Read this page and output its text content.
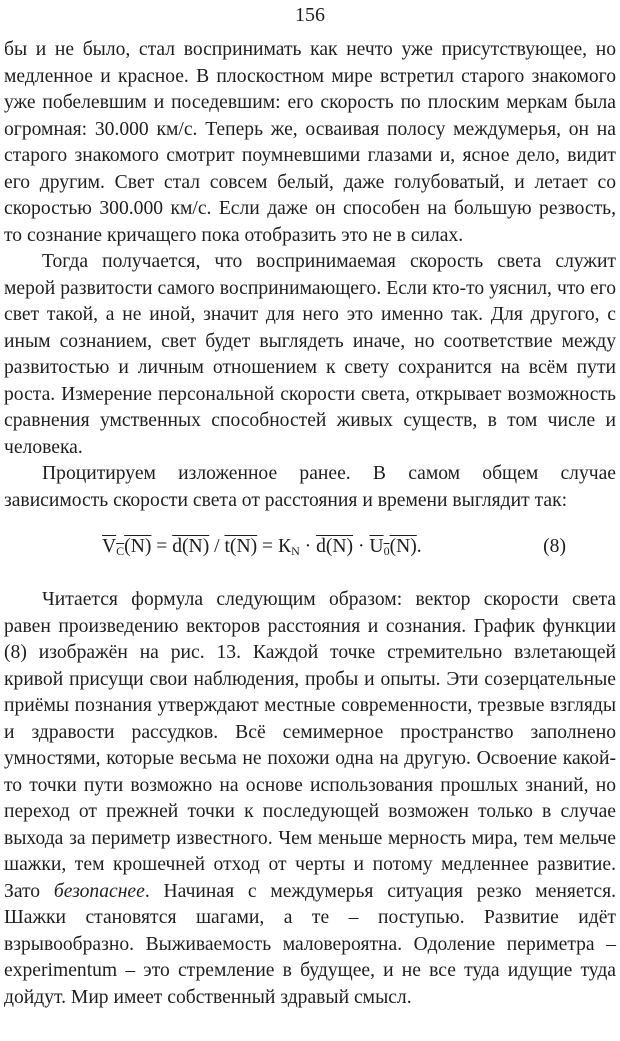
156

бы и не было, стал воспринимать как нечто уже присутствующее, но медленное и красное. В плоскостном мире встретил старого знакомого уже побелевшим и поседевшим: его скорость по плоским меркам была огромная: 30.000 км/с. Теперь же, осваивая полосу междумерья, он на старого знакомого смотрит поумневшими глазами и, ясное дело, видит его другим. Свет стал совсем белый, даже голубоватый, и летает со скоростью 300.000 км/с. Если даже он способен на большую резвость, то сознание кричащего пока отобразить это не в силах.

Тогда получается, что воспринимаемая скорость света служит мерой развитости самого воспринимающего. Если кто-то уяснил, что его свет такой, а не иной, значит для него это именно так. Для другого, с иным сознанием, свет будет выглядеть иначе, но соответствие между развитостью и личным отношением к свету сохранится на всём пути роста. Измерение персональной скорости света, открывает возможность сравнения умственных способностей живых существ, в том числе и человека.

Процитируем изложенное ранее. В самом общем случае зависимость скорости света от расстояния и времени выглядит так:

$V_C(N) = d(N) / t(N) = К_N \cdot d(N) \cdot U_0(N)$.	(8)

Читается формула следующим образом: вектор скорости света равен произведению векторов расстояния и сознания. График функции (8) изображён на рис. 13. Каждой точке стремительно взлетающей кривой присущи свои наблюдения, пробы и опыты. Эти созерцательные приёмы познания утверждают местные современности, трезвые взгляды и здравости рассудков. Всё семимерное пространство заполнено умностями, которые весьма не похожи одна на другую. Освоение какой-то точки пути возможно на основе использования прошлых знаний, но переход от прежней точки к последующей возможен только в случае выхода за периметр известного. Чем меньше мерность мира, тем мельче шажки, тем крошечней отход от черты и потому медленнее развитие. Зато безопаснее. Начиная с междумерья ситуация резко меняется. Шажки становятся шагами, а те – поступью. Развитие идёт взрывообразно. Выживаемость маловероятна. Одоление периметра – experimentum – это стремление в будущее, и не все туда идущие туда дойдут. Мир имеет собственный здравый смысл.
